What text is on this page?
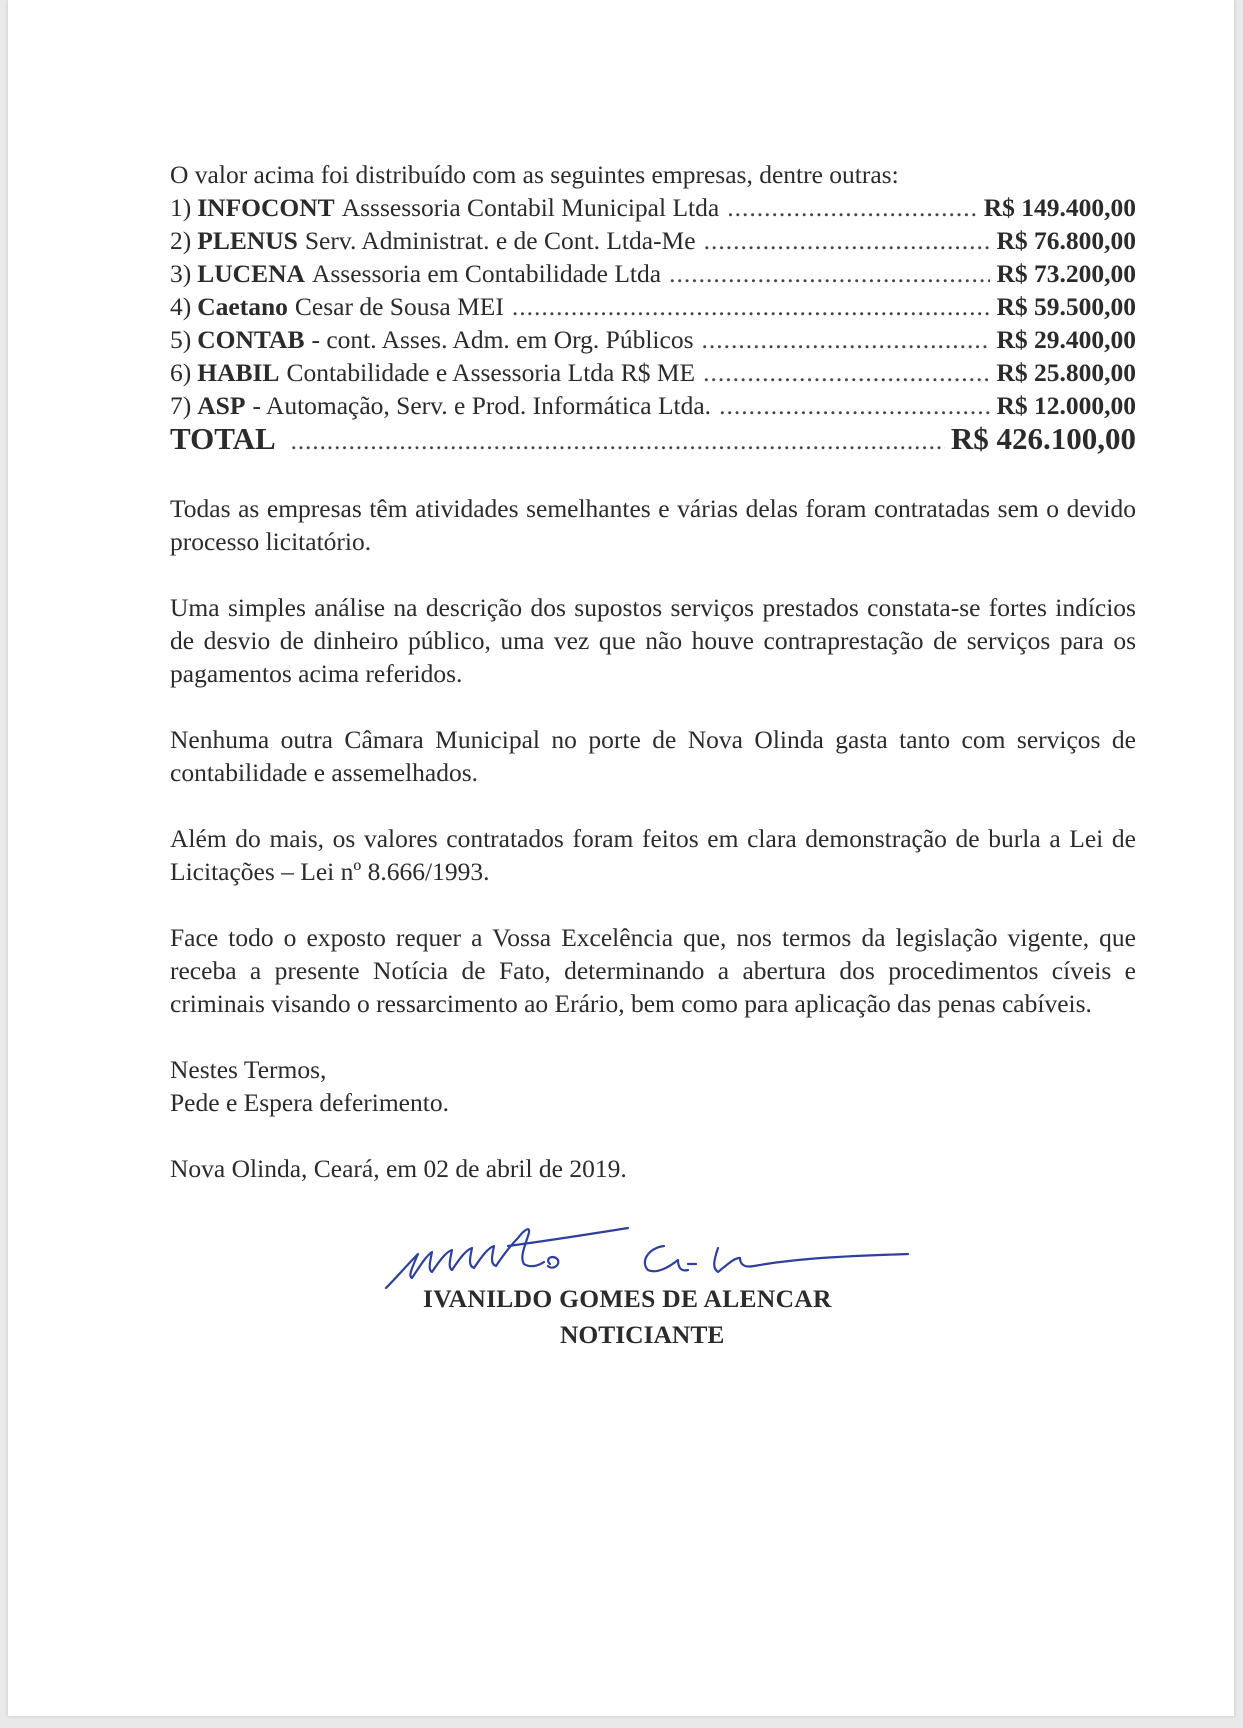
O valor acima foi distribuído com as seguintes empresas, dentre outras:

1) INFOCONT Asssessoria Contabil Municipal Ltda .....	R$ 149.400,00
2) PLENUS Serv. Administrat. e de Cont. Ltda-Me .....	R$ 76.800,00
3) LUCENA Assessoria em Contabilidade Ltda .....	R$ 73.200,00
4) Caetano Cesar de Sousa MEI .....	R$ 59.500,00
5) CONTAB - cont. Asses. Adm. em Org. Públicos .....	R$ 29.400,00
6) HABIL Contabilidade e Assessoria Ltda R$ ME .....	R$ 25.800,00
7) ASP - Automação, Serv. e Prod. Informática Ltda. .....	R$ 12.000,00
TOTAL .....	R$ 426.100,00

Todas as empresas têm atividades semelhantes e várias delas foram contratadas sem o devido processo licitatório.

Uma simples análise na descrição dos supostos serviços prestados constata-se fortes indícios de desvio de dinheiro público, uma vez que não houve contraprestação de serviços para os pagamentos acima referidos.

Nenhuma outra Câmara Municipal no porte de Nova Olinda gasta tanto com serviços de contabilidade e assemelhados.

Além do mais, os valores contratados foram feitos em clara demonstração de burla a Lei de Licitações – Lei nº 8.666/1993.

Face todo o exposto requer a Vossa Excelência que, nos termos da legislação vigente, que receba a presente Notícia de Fato, determinando a abertura dos procedimentos cíveis e criminais visando o ressarcimento ao Erário, bem como para aplicação das penas cabíveis.

Nestes Termos,

Pede e Espera deferimento.

Nova Olinda, Ceará, em 02 de abril de 2019.

IVANILDO GOMES DE ALENCAR
NOTICIANTE
